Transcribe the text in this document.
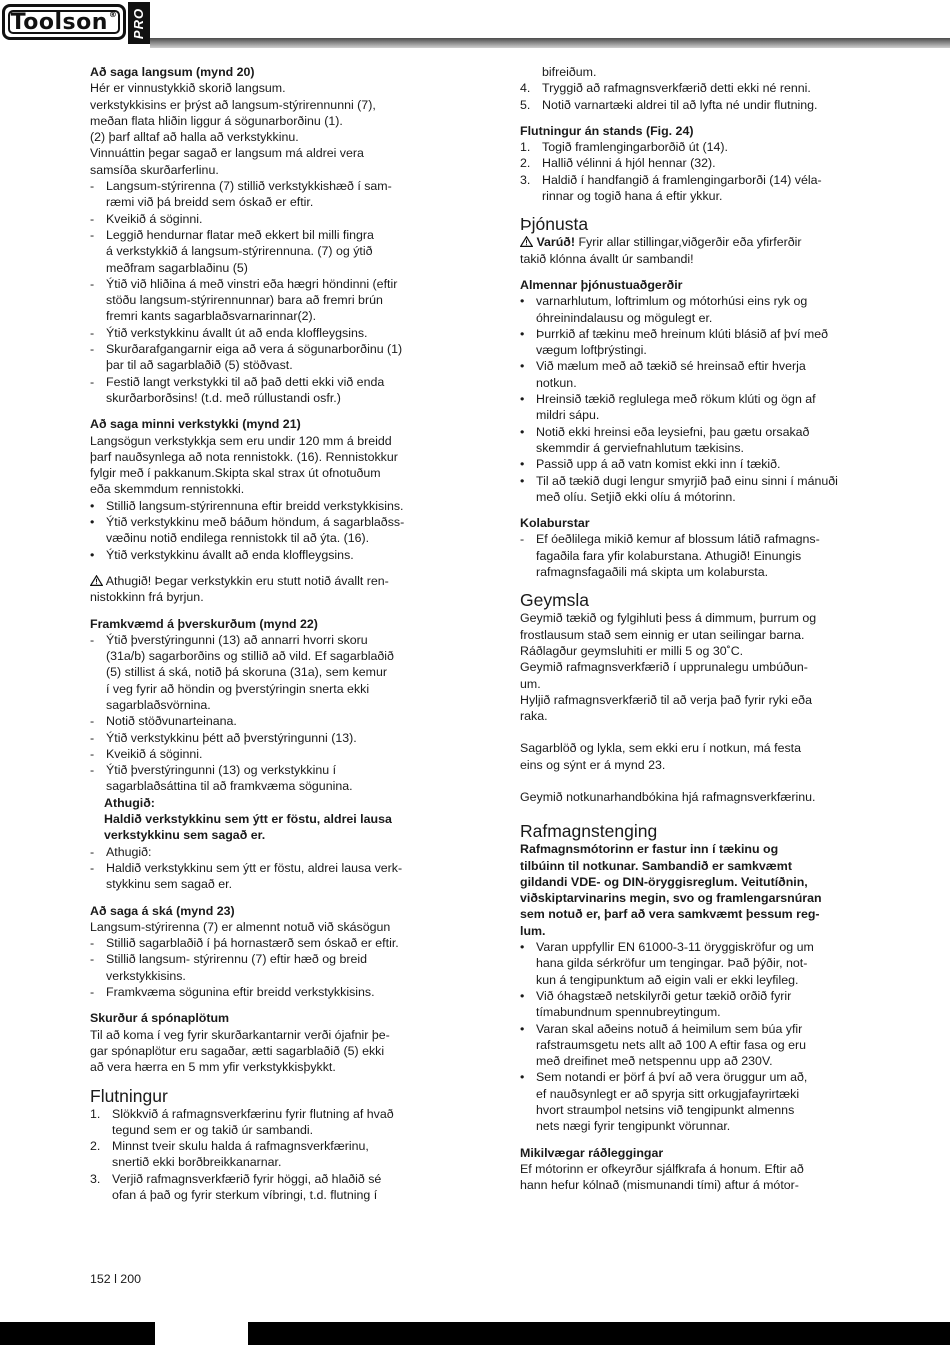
Toolson® PRO
Að saga langsum (mynd 20)
Hér er vinnustykkið skorið langsum.
verkstykkisins er þrýst að langsum-stýrirennunni (7),
meðan flata hliðin liggur á sögunarborðinu (1).
(2) þarf alltaf að halla að verkstykkinu.
Vinnuáttin þegar sagað er langsum má aldrei vera
samsíða skurðarferlinu.
- Langsum-stýrirenna (7) stillið verkstykkishæð í sam-
ræmi við þá breidd sem óskað er eftir.
- Kveikið á söginni.
- Leggið hendurnar flatar með ekkert bil milli fingra
á verkstykkið á langsum-stýrirennuna. (7) og ýtið
meðfram sagarblaðinu (5)
- Ýtið við hliðina á með vinstri eða hægri höndinni (eftir
stöðu langsum-stýrirennunnar) bara að fremri brún
fremri kants sagarblaðsvarnarinnar(2).
- Ýtið verkstykkinu ávallt út að enda kloffleygsins.
- Skurðarafgangarnir eiga að vera á sögunarborðinu (1)
þar til að sagarblaðið (5) stöðvast.
- Festið langt verkstykki til að það detti ekki við enda
skurðarborðsins! (t.d. með rúllustandi osfr.)
Að saga minni verkstykki (mynd 21)
Langsögun verkstykkja sem eru undir 120 mm á breidd
þarf nauðsynlega að nota rennistokk. (16). Rennistokkur
fylgir með í pakkanum.Skipta skal strax út ofnotuðum
eða skemmdum rennistokki.
• Stillið langsum-stýrirennuna eftir breidd verkstykkisins.
• Ýtið verkstykkinu með báðum höndum, á sagarblaðss-
væðinu notið endilega rennistokk til að ýta. (16).
• Ýtið verkstykkinu ávallt að enda kloffleygsins.
Athugið! Þegar verkstykkin eru stutt notið ávallt ren-
nistokkinn frá byrjun.
Framkvæmd á þverskurðum (mynd 22)
- Ýtið þverstýringunni (13) að annarri hvorri skoru
(31a/b) sagarborðins og stillið að vild. Ef sagarblaðið
(5) stillist á ská, notið þá skoruna (31a), sem kemur
í veg fyrir að höndin og þverstýringin snerta ekki
sagarblaðsvörnina.
- Notið stöðvunarteinana.
- Ýtið verkstykkinu þétt að þverstýringunni (13).
- Kveikið á söginni.
- Ýtið þverstýringunni (13) og verkstykkinu í
sagarblaðsáttina til að framkvæma sögunina.
Athugið:
Haldið verkstykkinu sem ýtt er föstu, aldrei lausa
verkstykkinu sem sagað er.
- Athugið:
- Haldið verkstykkinu sem ýtt er föstu, aldrei lausa verk-
stykkinu sem sagað er.
Að saga á ská (mynd 23)
Langsum-stýrirenna (7) er almennt notuð við skásögun
- Stillið sagarblaðið í þá hornastærð sem óskað er eftir.
- Stillið langsum- stýrirennu (7) eftir hæð og breid
verkstykkisins.
- Framkvæma sögunina eftir breidd verkstykkisins.
Skurður á spónaplötum
Til að koma í veg fyrir skurðarkantarnir verði ójafnir þe-
gar spónaplötur eru sagaðar, ætti sagarblaðið (5) ekki
að vera hærra en 5 mm yfir verkstykkisþykkt.
Flutningur
1. Slökkvið á rafmagnsverkfærinu fyrir flutning af hvað
tegund sem er og takið úr sambandi.
2. Minnst tveir skulu halda á rafmagnsverkfærinu,
snertið ekki borðbreikkanarnar.
3. Verjið rafmagnsverkfærið fyrir höggi, að hlaðið sé
ofan á það og fyrir sterkum víbringi, t.d. flutning í
bifreiðum.
4. Tryggið að rafmagnsverkfærið detti ekki né renni.
5. Notið varnartæki aldrei til að lyfta né undir flutning.
Flutningur án stands (Fig. 24)
1. Togið framlengingarborðið út (14).
2. Hallið vélinni á hjól hennar (32).
3. Haldið í handfangið á framlengingarborði (14) véla-
rinnar og togið hana á eftir ykkur.
Þjónusta
Varúð! Fyrir allar stillingar,viðgerðir eða yfirferðir
takið klónna ávallt úr sambandi!
Almennar þjónustuaðgerðir
• varnarhlutum, loftrimlum og mótorhúsi eins ryk og
óhreinindalausu og mögulegt er.
• Þurrkið af tækinu með hreinum klúti blásið af því með
vægum loftþrýstingi.
• Við mælum með að tækið sé hreinsað eftir hverja
notkun.
• Hreinsið tækið reglulega með rökum klúti og ögn af
mildri sápu.
• Notið ekki hreinsi eða leysiefni, þau gætu orsakað
skemmdir á gerviefnahlutum tækisins.
• Passið upp á að vatn komist ekki inn í tækið.
• Til að tækið dugi lengur smyrjið það einu sinni í mánuði
með olíu. Setjið ekki olíu á mótorinn.
Kolaburstar
- Ef óeðlilega mikið kemur af blossum látið rafmagns-
fagaðila fara yfir kolaburstana. Athugið! Einungis
rafmagnsfagaðili má skipta um kolabursta.
Geymsla
Geymið tækið og fylgihluti þess á dimmum, þurrum og
frostlausum stað sem einnig er utan seilingar barna.
Ráðlagður geymsluhiti er milli 5 og 30˚C.
Geymið rafmagnsverkfærið í upprunalegu umbúðun-
um.
Hyljið rafmagnsverkfærið til að verja það fyrir ryki eða
raka.
Sagarblöð og lykla, sem ekki eru í notkun, má festa
eins og sýnt er á mynd 23.
Geymið notkunarhandbókina hjá rafmagnsverkfærinu.
Rafmagnstenging
Rafmagnsmótorinn er fastur inn í tækinu og
tilbúinn til notkunar. Sambandið er samkvæmt
gildandi VDE- og DIN-öryggisreglum. Veitutíðnin,
viðskiptarvinarins megin, svo og framlengarsnúran
sem notuð er, þarf að vera samkvæmt þessum reg-
lum.
• Varan uppfyllir EN 61000-3-11 öryggiskröfur og um
hana gilda sérkröfur um tengingar. Það þýðir, not-
kun á tengipunktum að eigin vali er ekki leyfileg.
• Við óhagstæð netskilyrði getur tækið orðið fyrir
tímabundnum spennubreytingum.
• Varan skal aðeins notuð á heimilum sem búa yfir
rafstraumsgetu nets allt að 100 A eftir fasa og eru
með dreifinet með netspennu upp að 230V.
• Sem notandi er þörf á því að vera öruggur um að,
ef nauðsynlegt er að spyrja sitt orkugjafayrirtæki
hvort straumþol netsins við tengipunkt almenns
nets nægi fyrir tengipunkt vörunnar.
Mikilvægar ráðleggingar
Ef mótorinn er ofkeyrður sjálfkrafa á honum. Eftir að
hann hefur kólnað (mismunandi tími) aftur á mótor-
152 l 200
